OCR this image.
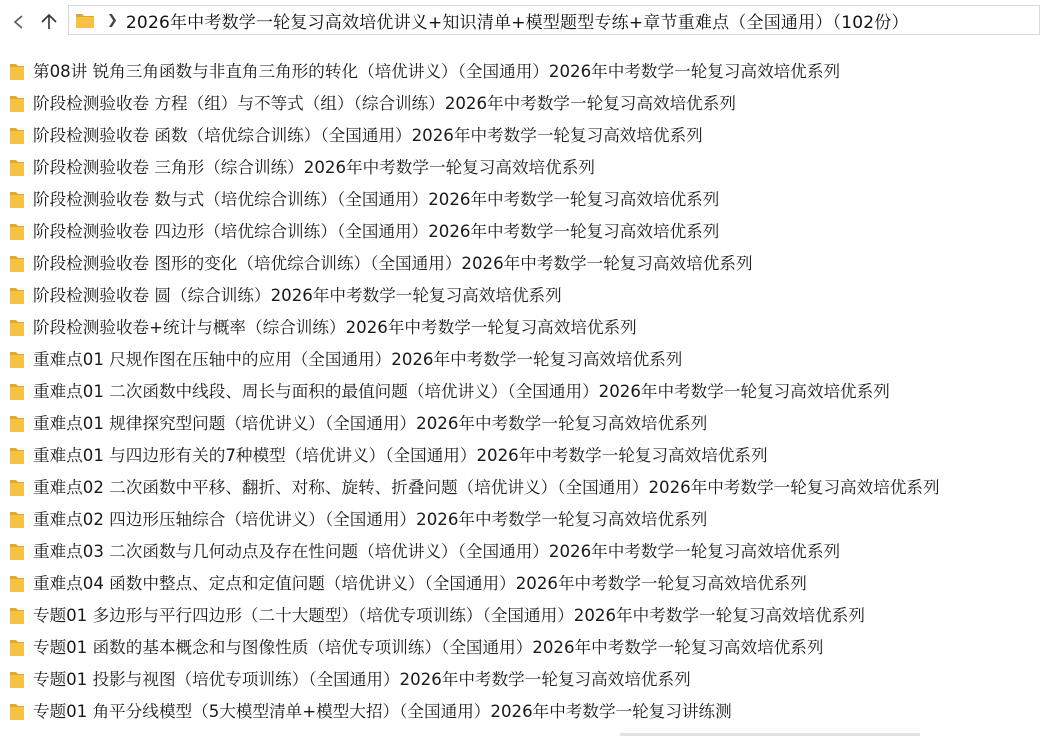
❯ 2026年中考数学一轮复习高效培优讲义+知识清单+模型题型专练+章节重难点（全国通用）（102份）
第08讲 锐角三角函数与非直角三角形的转化（培优讲义）（全国通用）2026年中考数学一轮复习高效培优系列
阶段检测验收卷 方程（组）与不等式（组）（综合训练）2026年中考数学一轮复习高效培优系列
阶段检测验收卷 函数（培优综合训练）（全国通用）2026年中考数学一轮复习高效培优系列
阶段检测验收卷 三角形（综合训练）2026年中考数学一轮复习高效培优系列
阶段检测验收卷 数与式（培优综合训练）（全国通用）2026年中考数学一轮复习高效培优系列
阶段检测验收卷 四边形（培优综合训练）（全国通用）2026年中考数学一轮复习高效培优系列
阶段检测验收卷 图形的变化（培优综合训练）（全国通用）2026年中考数学一轮复习高效培优系列
阶段检测验收卷 圆（综合训练）2026年中考数学一轮复习高效培优系列
阶段检测验收卷+统计与概率（综合训练）2026年中考数学一轮复习高效培优系列
重难点01 尺规作图在压轴中的应用（全国通用）2026年中考数学一轮复习高效培优系列
重难点01 二次函数中线段、周长与面积的最值问题（培优讲义）（全国通用）2026年中考数学一轮复习高效培优系列
重难点01 规律探究型问题（培优讲义）（全国通用）2026年中考数学一轮复习高效培优系列
重难点01 与四边形有关的7种模型（培优讲义）（全国通用）2026年中考数学一轮复习高效培优系列
重难点02 二次函数中平移、翻折、对称、旋转、折叠问题（培优讲义）（全国通用）2026年中考数学一轮复习高效培优系列
重难点02 四边形压轴综合（培优讲义）（全国通用）2026年中考数学一轮复习高效培优系列
重难点03 二次函数与几何动点及存在性问题（培优讲义）（全国通用）2026年中考数学一轮复习高效培优系列
重难点04 函数中整点、定点和定值问题（培优讲义）（全国通用）2026年中考数学一轮复习高效培优系列
专题01 多边形与平行四边形（二十大题型）（培优专项训练）（全国通用）2026年中考数学一轮复习高效培优系列
专题01 函数的基本概念和与图像性质（培优专项训练）（全国通用）2026年中考数学一轮复习高效培优系列
专题01 投影与视图（培优专项训练）（全国通用）2026年中考数学一轮复习高效培优系列
专题01 角平分线模型（5大模型清单+模型大招）（全国通用）2026年中考数学一轮复习讲练测
